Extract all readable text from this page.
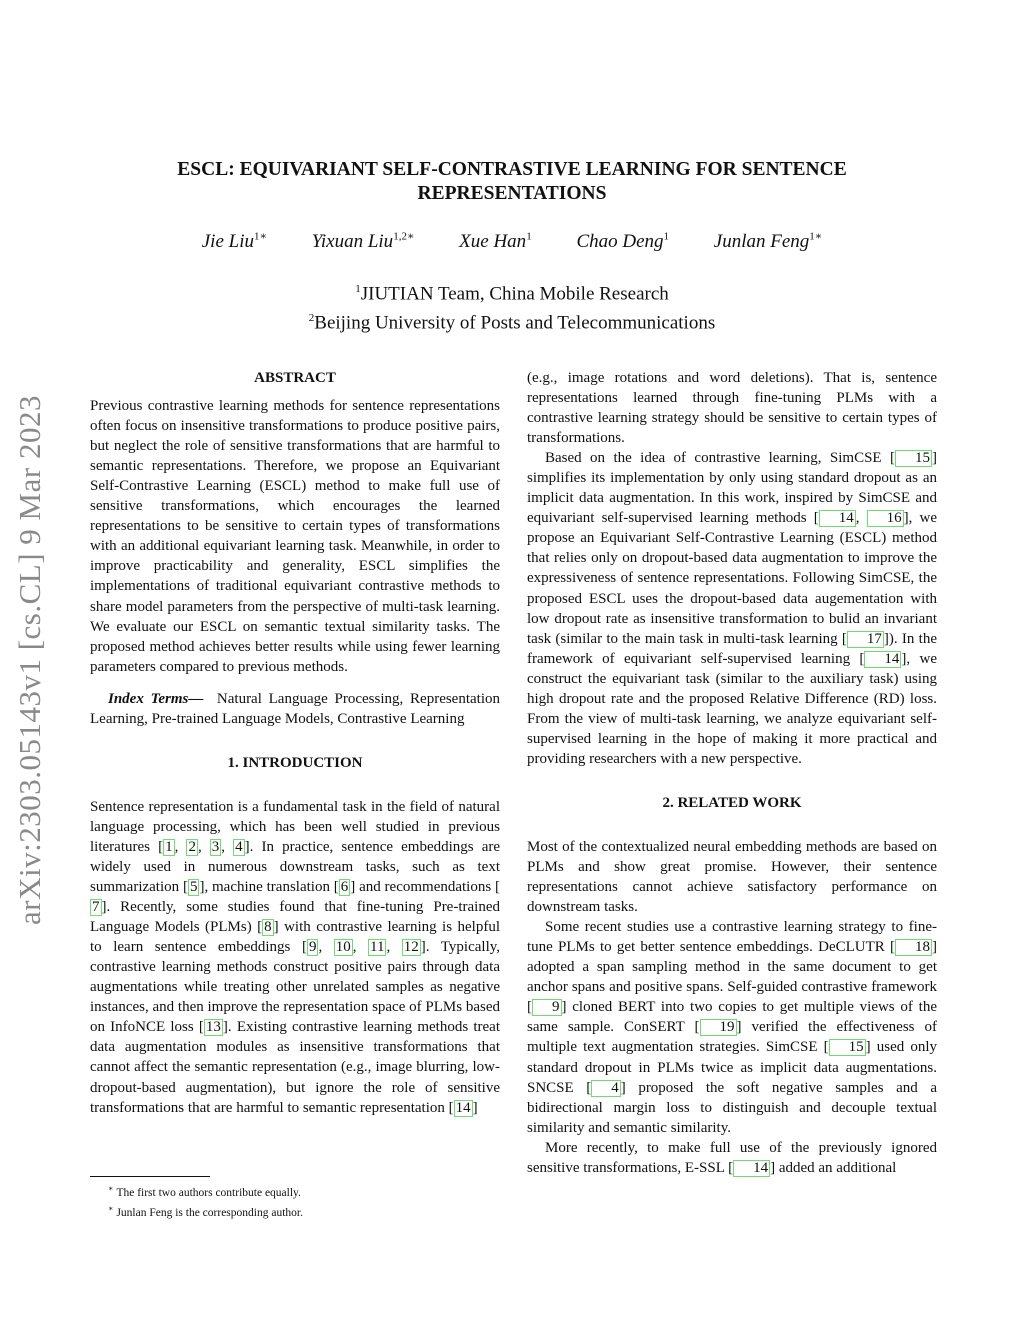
arXiv:2303.05143v1 [cs.CL] 9 Mar 2023
ESCL: EQUIVARIANT SELF-CONTRASTIVE LEARNING FOR SENTENCE
REPRESENTATIONS
Jie Liu$^{1∗}$ Yixuan Liu$^{1,2∗}$ Xue Han$^1$ Chao Deng$^1$ Junlan Feng$^{1∗}$
$^1$JIUTIAN Team, China Mobile Research
$^2$Beijing University of Posts and Telecommunications
ABSTRACT

Previous contrastive learning methods for sentence representations often focus on insensitive transformations to produce positive pairs, but neglect the role of sensitive transformations that are harmful to semantic representations. Therefore, we propose an Equivariant Self-Contrastive Learning (ESCL) method to make full use of sensitive transformations, which encourages the learned representations to be sensitive to certain types of transformations with an additional equivariant learning task. Meanwhile, in order to improve practicability and generality, ESCL simplifies the implementations of traditional equivariant contrastive methods to share model parameters from the perspective of multi-task learning. We evaluate our ESCL on semantic textual similarity tasks. The proposed method achieves better results while using fewer learning parameters compared to previous methods.

Index Terms— Natural Language Processing, Representation Learning, Pre-trained Language Models, Contrastive Learning

1. INTRODUCTION

Sentence representation is a fundamental task in the field of natural language processing, which has been well studied in previous literatures [ 1 , 2 , 3 , 4 ]. In practice, sentence embeddings are widely used in numerous downstream tasks, such as text summarization [ 5 ], machine translation [ 6 ] and recommendations [7 ]. Recently, some studies found that fine-tuning Pre-trained Language Models (PLMs) [ 8 ] with contrastive learning is helpful to learn sentence embeddings [ 9 , 10 , 11 , 12 ]. Typically, contrastive learning methods construct positive pairs through data augmentations while treating other unrelated samples as negative instances, and then improve the representation space of PLMs based on InfoNCE loss [ 13 ]. Existing contrastive learning methods treat data augmentation modules as insensitive transformations that cannot affect the semantic representation (e.g., image blurring, low-dropout-based augmentation), but ignore the role of sensitive transformations that are harmful to semantic representation [ 14 ]

(e.g., image rotations and word deletions). That is, sentence representations learned through fine-tuning PLMs with a contrastive learning strategy should be sensitive to certain types of transformations.

Based on the idea of contrastive learning, SimCSE [ 15 ] simplifies its implementation by only using standard dropout as an implicit data augmentation. In this work, inspired by SimCSE and equivariant self-supervised learning methods [ 14 , 16 ], we propose an Equivariant Self-Contrastive Learning (ESCL) method that relies only on dropout-based data augmentation to improve the expressiveness of sentence representations. Following SimCSE, the proposed ESCL uses the dropout-based data augementation with low dropout rate as insensitive transformation to bulid an invariant task (similar to the main task in multi-task learning [ 17 ]). In the framework of equivariant self-supervised learning [ 14 ], we construct the equivariant task (similar to the auxiliary task) using high dropout rate and the proposed Relative Difference (RD) loss. From the view of multi-task learning, we analyze equivariant self-supervised learning in the hope of making it more practical and providing researchers with a new perspective.

2. RELATED WORK

Most of the contextualized neural embedding methods are based on PLMs and show great promise. However, their sentence representations cannot achieve satisfactory performance on downstream tasks.

Some recent studies use a contrastive learning strategy to fine-tune PLMs to get better sentence embeddings. DeCLUTR [ 18 ] adopted a span sampling method in the same document to get anchor spans and positive spans. Self-guided contrastive framework [ 9 ] cloned BERT into two copies to get multiple views of the same sample. ConSERT [ 19 ] verified the effectiveness of multiple text augmentation strategies. SimCSE [ 15 ] used only standard dropout in PLMs twice as implicit data augmentations. SNCSE [ 4 ] proposed the soft negative samples and a bidirectional margin loss to distinguish and decouple textual similarity and semantic similarity.

More recently, to make full use of the previously ignored sensitive transformations, E-SSL [ 14 ] added an additional

∗ The first two authors contribute equally.

∗ Junlan Feng is the corresponding author.
